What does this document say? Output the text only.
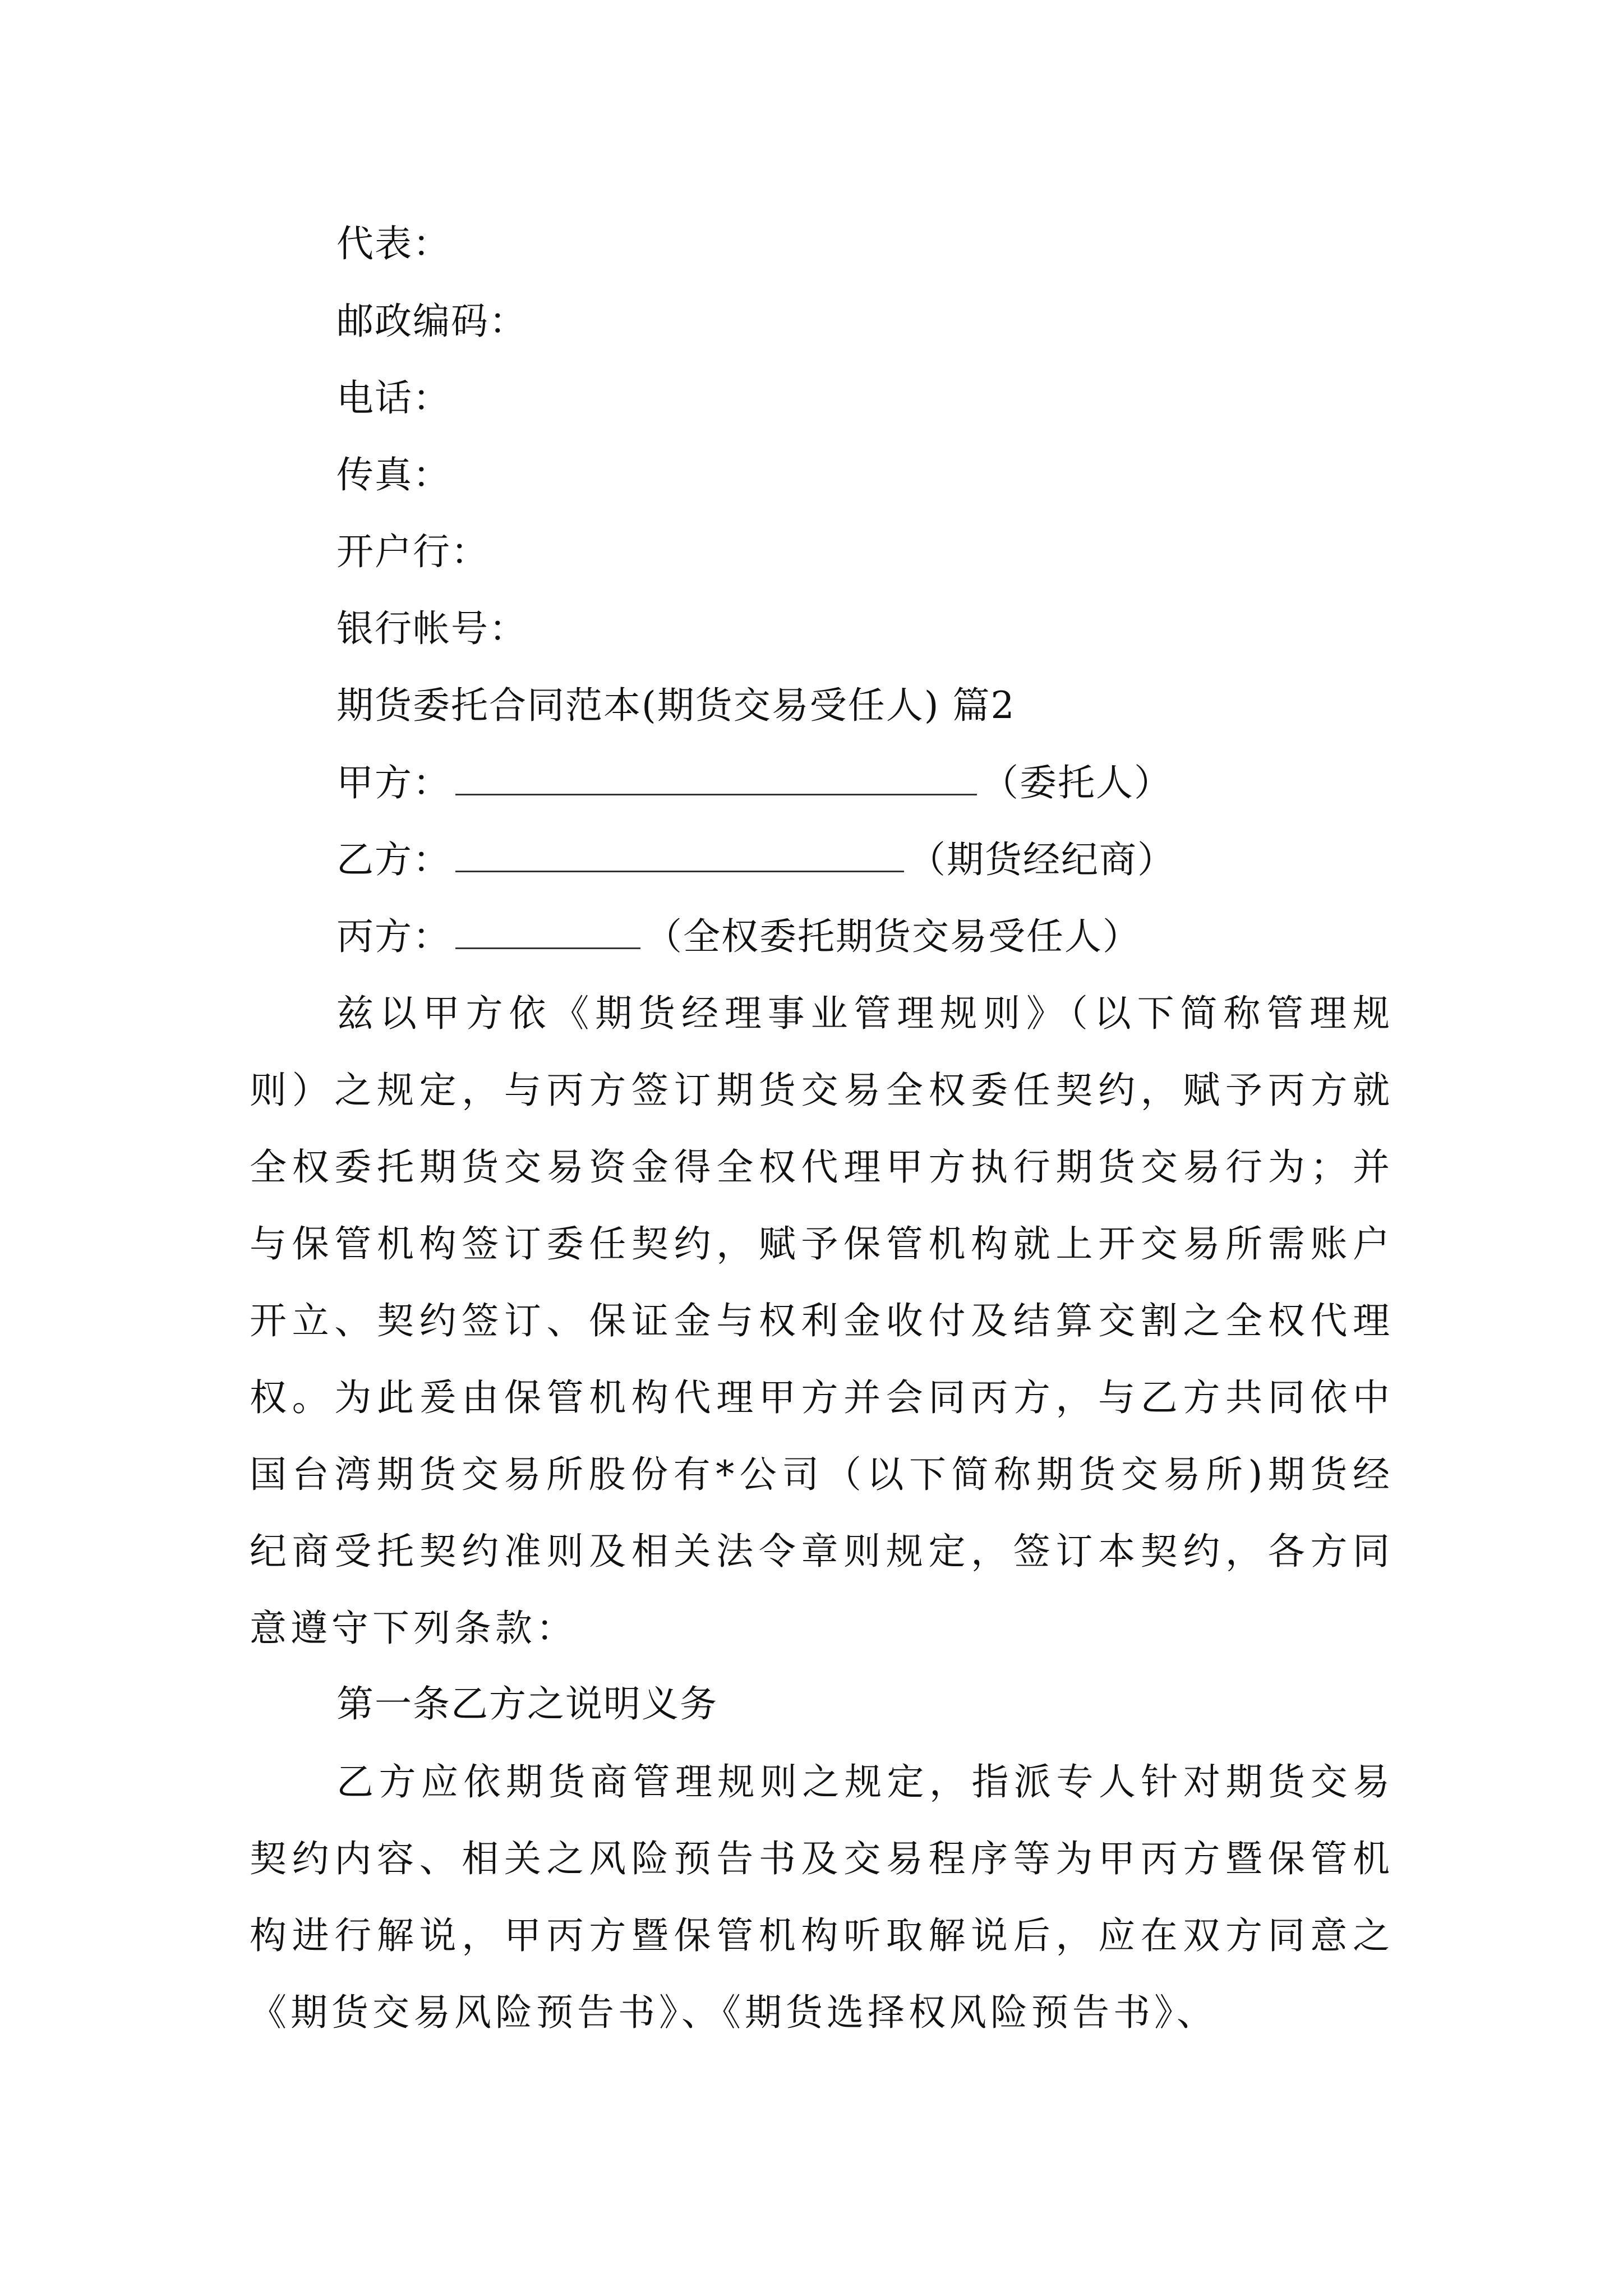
代表：
邮政编码：
电话：
传真：
开户行：
银行帐号：
期货委托合同范本(期货交易受任人) 篇2
甲方：	（委托人）
乙方：	（期货经纪商）
丙方：	（全权委托期货交易受任人）
兹以甲方依《期货经理事业管理规则》（以下简称管理规则）之规定，与丙方签订期货交易全权委任契约，赋予丙方就全权委托期货交易资金得全权代理甲方执行期货交易行为；并与保管机构签订委任契约，赋予保管机构就上开交易所需账户开立、契约签订、保证金与权利金收付及结算交割之全权代理权。为此爰由保管机构代理甲方并会同丙方，与乙方共同依中国台湾期货交易所股份有*公司（以下简称期货交易所)期货经纪商受托契约准则及相关法令章则规定，签订本契约，各方同意遵守下列条款：
第一条乙方之说明义务
乙方应依期货商管理规则之规定，指派专人针对期货交易契约内容、相关之风险预告书及交易程序等为甲丙方暨保管机构进行解说，甲丙方暨保管机构听取解说后，应在双方同意之《期货交易风险预告书》、《期货选择权风险预告书》、
